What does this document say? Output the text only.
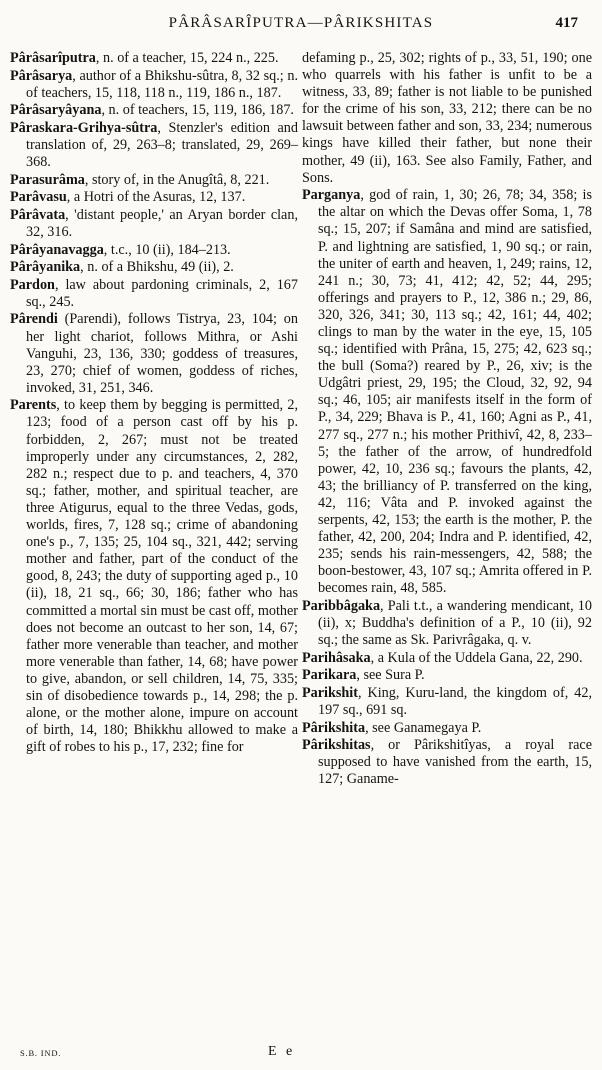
PÂRÂSARÎPUTRA—PÂRIKSHITAS	417

Pârâsarîputra, n. of a teacher, 15, 224 n., 225.

Pârâsarya, author of a Bhikshu-sûtra, 8, 32 sq.; n. of teachers, 15, 118, 118 n., 119, 186 n., 187.

Pârâsaryâyana, n. of teachers, 15, 119, 186, 187.

Pâraskara-Grihya-sûtra, Stenzler's edition and translation of, 29, 263–8; translated, 29, 269–368.

Parasurâma, story of, in the Anugîtâ, 8, 221.

Parâvasu, a Hotri of the Asuras, 12, 137.

Pârâvata, 'distant people,' an Aryan border clan, 32, 316.

Pârâyanavagga, t.c., 10 (ii), 184–213.

Pârâyanika, n. of a Bhikshu, 49 (ii), 2.

Pardon, law about pardoning criminals, 2, 167 sq., 245.

Pârendi (Parendi), follows Tistrya, 23, 104; on her light chariot, follows Mithra, or Ashi Vanguhi, 23, 136, 330; goddess of treasures, 23, 270; chief of women, goddess of riches, invoked, 31, 251, 346.

Parents, to keep them by begging is permitted, 2, 123; food of a person cast off by his p. forbidden, 2, 267; must not be treated improperly under any circumstances, 2, 282, 282 n.; respect due to p. and teachers, 4, 370 sq.; father, mother, and spiritual teacher, are three Atigurus, equal to the three Vedas, gods, worlds, fires, 7, 128 sq.; crime of abandoning one's p., 7, 135; 25, 104 sq., 321, 442; serving mother and father, part of the conduct of the good, 8, 243; the duty of supporting aged p., 10 (ii), 18, 21 sq., 66; 30, 186; father who has committed a mortal sin must be cast off, mother does not become an outcast to her son, 14, 67; father more venerable than teacher, and mother more venerable than father, 14, 68; have power to give, abandon, or sell children, 14, 75, 335; sin of disobedience towards p., 14, 298; the p. alone, or the mother alone, impure on account of birth, 14, 180; Bhikkhu allowed to make a gift of robes to his p., 17, 232; fine for

defaming p., 25, 302; rights of p., 33, 51, 190; one who quarrels with his father is unfit to be a witness, 33, 89; father is not liable to be punished for the crime of his son, 33, 212; there can be no lawsuit between father and son, 33, 234; numerous kings have killed their father, but none their mother, 49 (ii), 163. See also Family, Father, and Sons.

Parganya, god of rain, 1, 30; 26, 78; 34, 358; is the altar on which the Devas offer Soma, 1, 78 sq.; 15, 207; if Samâna and mind are satisfied, P. and lightning are satisfied, 1, 90 sq.; or rain, the uniter of earth and heaven, 1, 249; rains, 12, 241 n.; 30, 73; 41, 412; 42, 52; 44, 295; offerings and prayers to P., 12, 386 n.; 29, 86, 320, 326, 341; 30, 113 sq.; 42, 161; 44, 402; clings to man by the water in the eye, 15, 105 sq.; identified with Prâna, 15, 275; 42, 623 sq.; the bull (Soma?) reared by P., 26, xiv; is the Udgâtri priest, 29, 195; the Cloud, 32, 92, 94 sq.; 46, 105; air manifests itself in the form of P., 34, 229; Bhava is P., 41, 160; Agni as P., 41, 277 sq., 277 n.; his mother Prithivî, 42, 8, 233–5; the father of the arrow, of hundredfold power, 42, 10, 236 sq.; favours the plants, 42, 43; the brilliancy of P. transferred on the king, 42, 116; Vâta and P. invoked against the serpents, 42, 153; the earth is the mother, P. the father, 42, 200, 204; Indra and P. identified, 42, 235; sends his rain-messengers, 42, 588; the boon-bestower, 43, 107 sq.; Amrita offered in P. becomes rain, 48, 585.

Paribbâgaka, Pali t.t., a wandering mendicant, 10 (ii), x; Buddha's definition of a P., 10 (ii), 92 sq.; the same as Sk. Parivrâgaka, q. v.

Parihâsaka, a Kula of the Uddela Gana, 22, 290.

Parikara, see Sura P.

Parikshit, King, Kuru-land, the kingdom of, 42, 197 sq., 691 sq.

Pârikshita, see Ganamegaya P.

Pârikshitas, or Pârikshitîyas, a royal race supposed to have vanished from the earth, 15, 127; Ganame-

S.B. IND.	E e
